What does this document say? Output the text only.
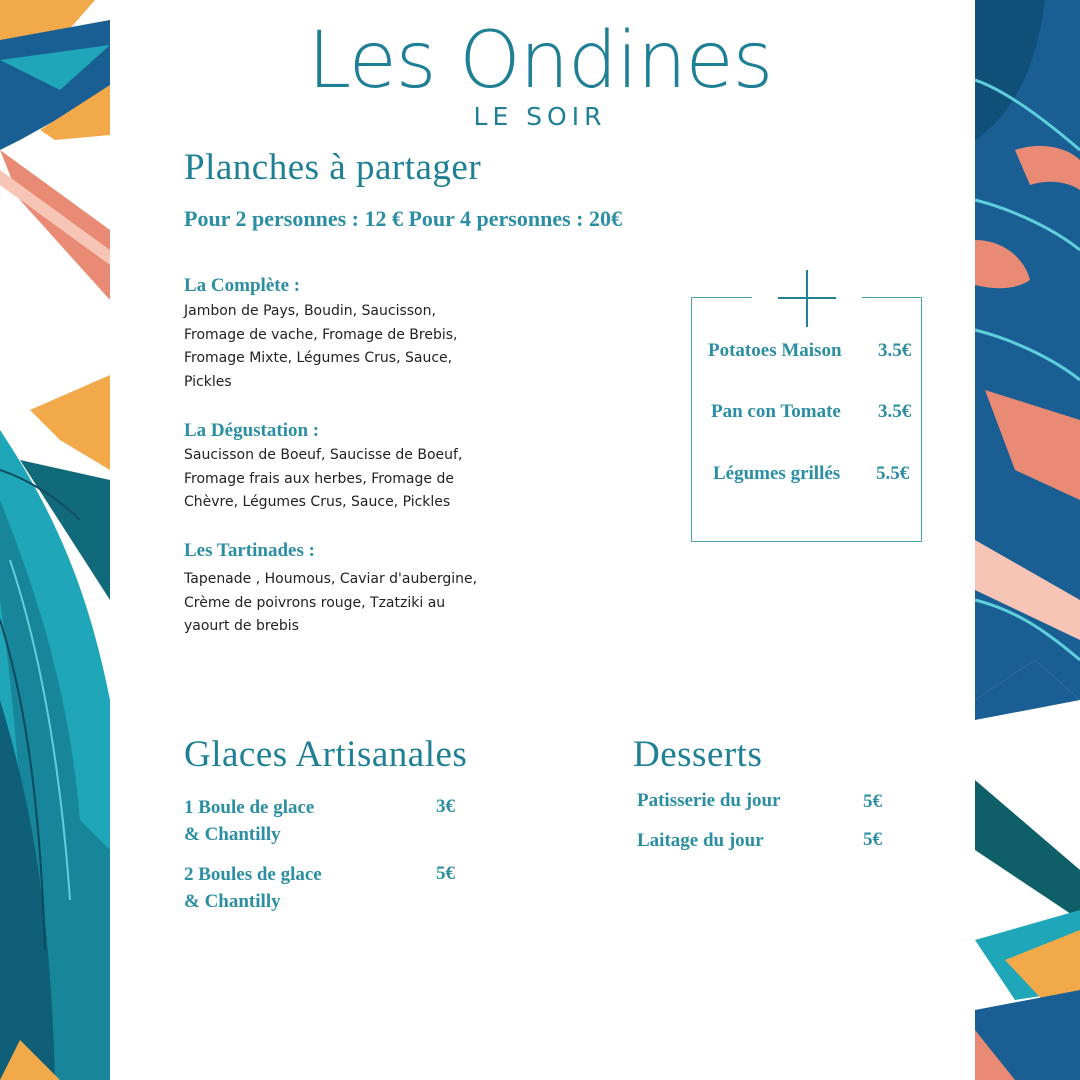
Les Ondines
LE SOIR
Planches à partager
Pour 2 personnes : 12 € Pour 4 personnes : 20€
La Complète :
Jambon de Pays, Boudin, Saucisson,
Fromage de vache, Fromage de Brebis,
Fromage Mixte, Légumes Crus, Sauce,
Pickles
La Dégustation :
Saucisson de Boeuf, Saucisse de Boeuf,
Fromage frais aux herbes, Fromage de
Chèvre, Légumes Crus, Sauce, Pickles
Les Tartinades :
Tapenade , Houmous, Caviar d'aubergine,
Crème de poivrons rouge, Tzatziki au
yaourt de brebis
Potatoes Maison 3.5€
Pan con Tomate 3.5€
Légumes grillés 5.5€
Glaces Artisanales
1 Boule de glace
& Chantilly
3€
2 Boules de glace
& Chantilly
5€
Desserts
Patisserie du jour	5€
Laitage du jour	5€
